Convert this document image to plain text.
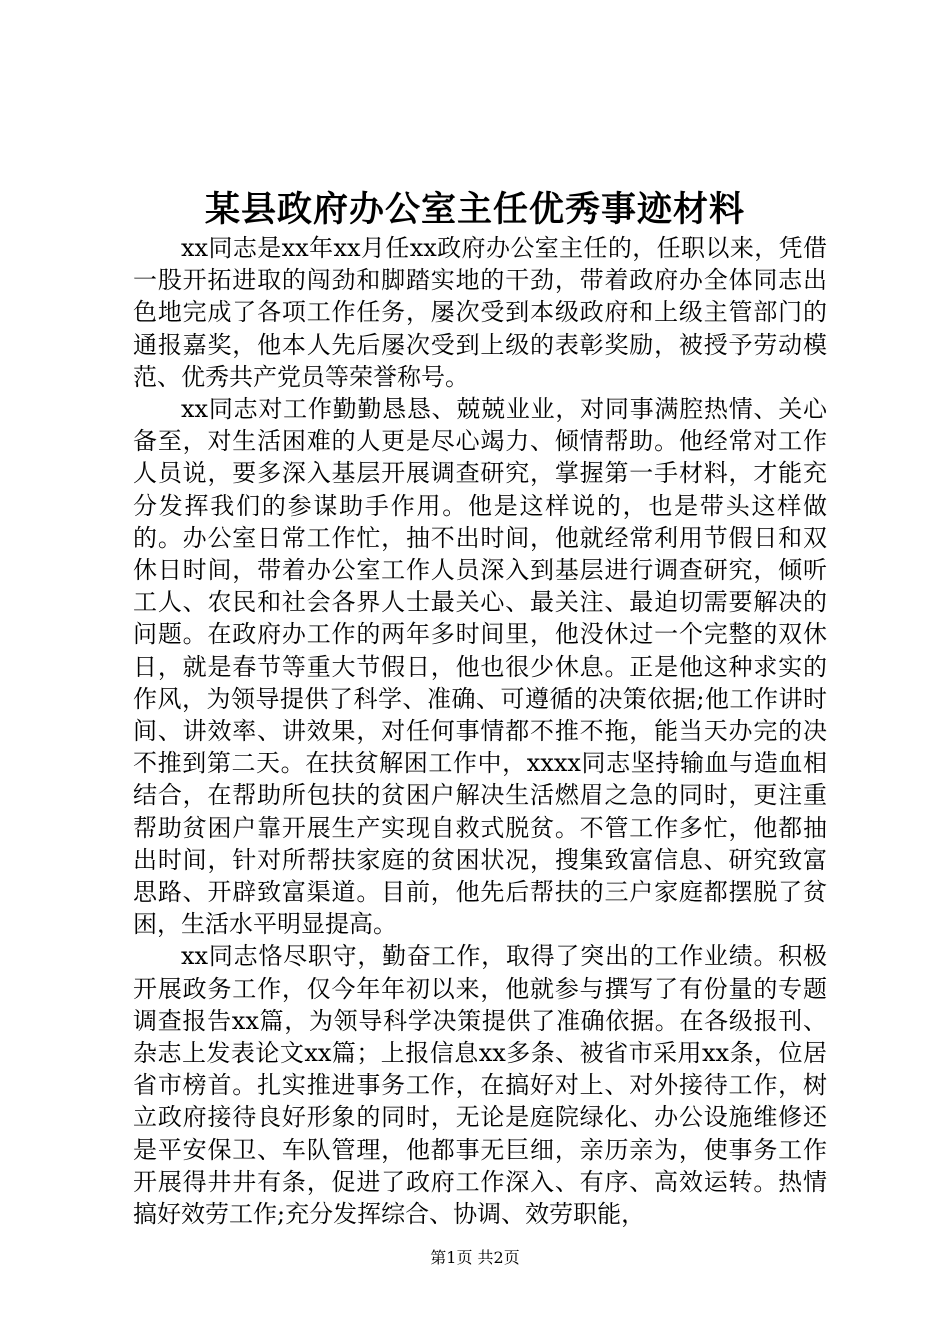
某县政府办公室主任优秀事迹材料

xx同志是xx年xx月任xx政府办公室主任的，任职以来，凭借一股开拓进取的闯劲和脚踏实地的干劲，带着政府办全体同志出色地完成了各项工作任务，屡次受到本级政府和上级主管部门的通报嘉奖，他本人先后屡次受到上级的表彰奖励，被授予劳动模范、优秀共产党员等荣誉称号。

xx同志对工作勤勤恳恳、兢兢业业，对同事满腔热情、关心备至，对生活困难的人更是尽心竭力、倾情帮助。他经常对工作人员说，要多深入基层开展调查研究，掌握第一手材料，才能充分发挥我们的参谋助手作用。他是这样说的，也是带头这样做的。办公室日常工作忙，抽不出时间，他就经常利用节假日和双休日时间，带着办公室工作人员深入到基层进行调查研究，倾听工人、农民和社会各界人士最关心、最关注、最迫切需要解决的问题。在政府办工作的两年多时间里，他没休过一个完整的双休日，就是春节等重大节假日，他也很少休息。正是他这种求实的作风，为领导提供了科学、准确、可遵循的决策依据;他工作讲时间、讲效率、讲效果，对任何事情都不推不拖，能当天办完的决不推到第二天。在扶贫解困工作中，xxxx同志坚持输血与造血相结合，在帮助所包扶的贫困户解决生活燃眉之急的同时，更注重帮助贫困户靠开展生产实现自救式脱贫。不管工作多忙，他都抽出时间，针对所帮扶家庭的贫困状况，搜集致富信息、研究致富思路、开辟致富渠道。目前，他先后帮扶的三户家庭都摆脱了贫困，生活水平明显提高。

xx同志恪尽职守，勤奋工作，取得了突出的工作业绩。积极开展政务工作，仅今年年初以来，他就参与撰写了有份量的专题调查报告xx篇，为领导科学决策提供了准确依据。在各级报刊、杂志上发表论文xx篇；上报信息xx多条、被省市采用xx条，位居省市榜首。扎实推进事务工作，在搞好对上、对外接待工作，树立政府接待良好形象的同时，无论是庭院绿化、办公设施维修还是平安保卫、车队管理，他都事无巨细，亲历亲为，使事务工作开展得井井有条，促进了政府工作深入、有序、高效运转。热情搞好效劳工作;充分发挥综合、协调、效劳职能，

第1页 共2页
